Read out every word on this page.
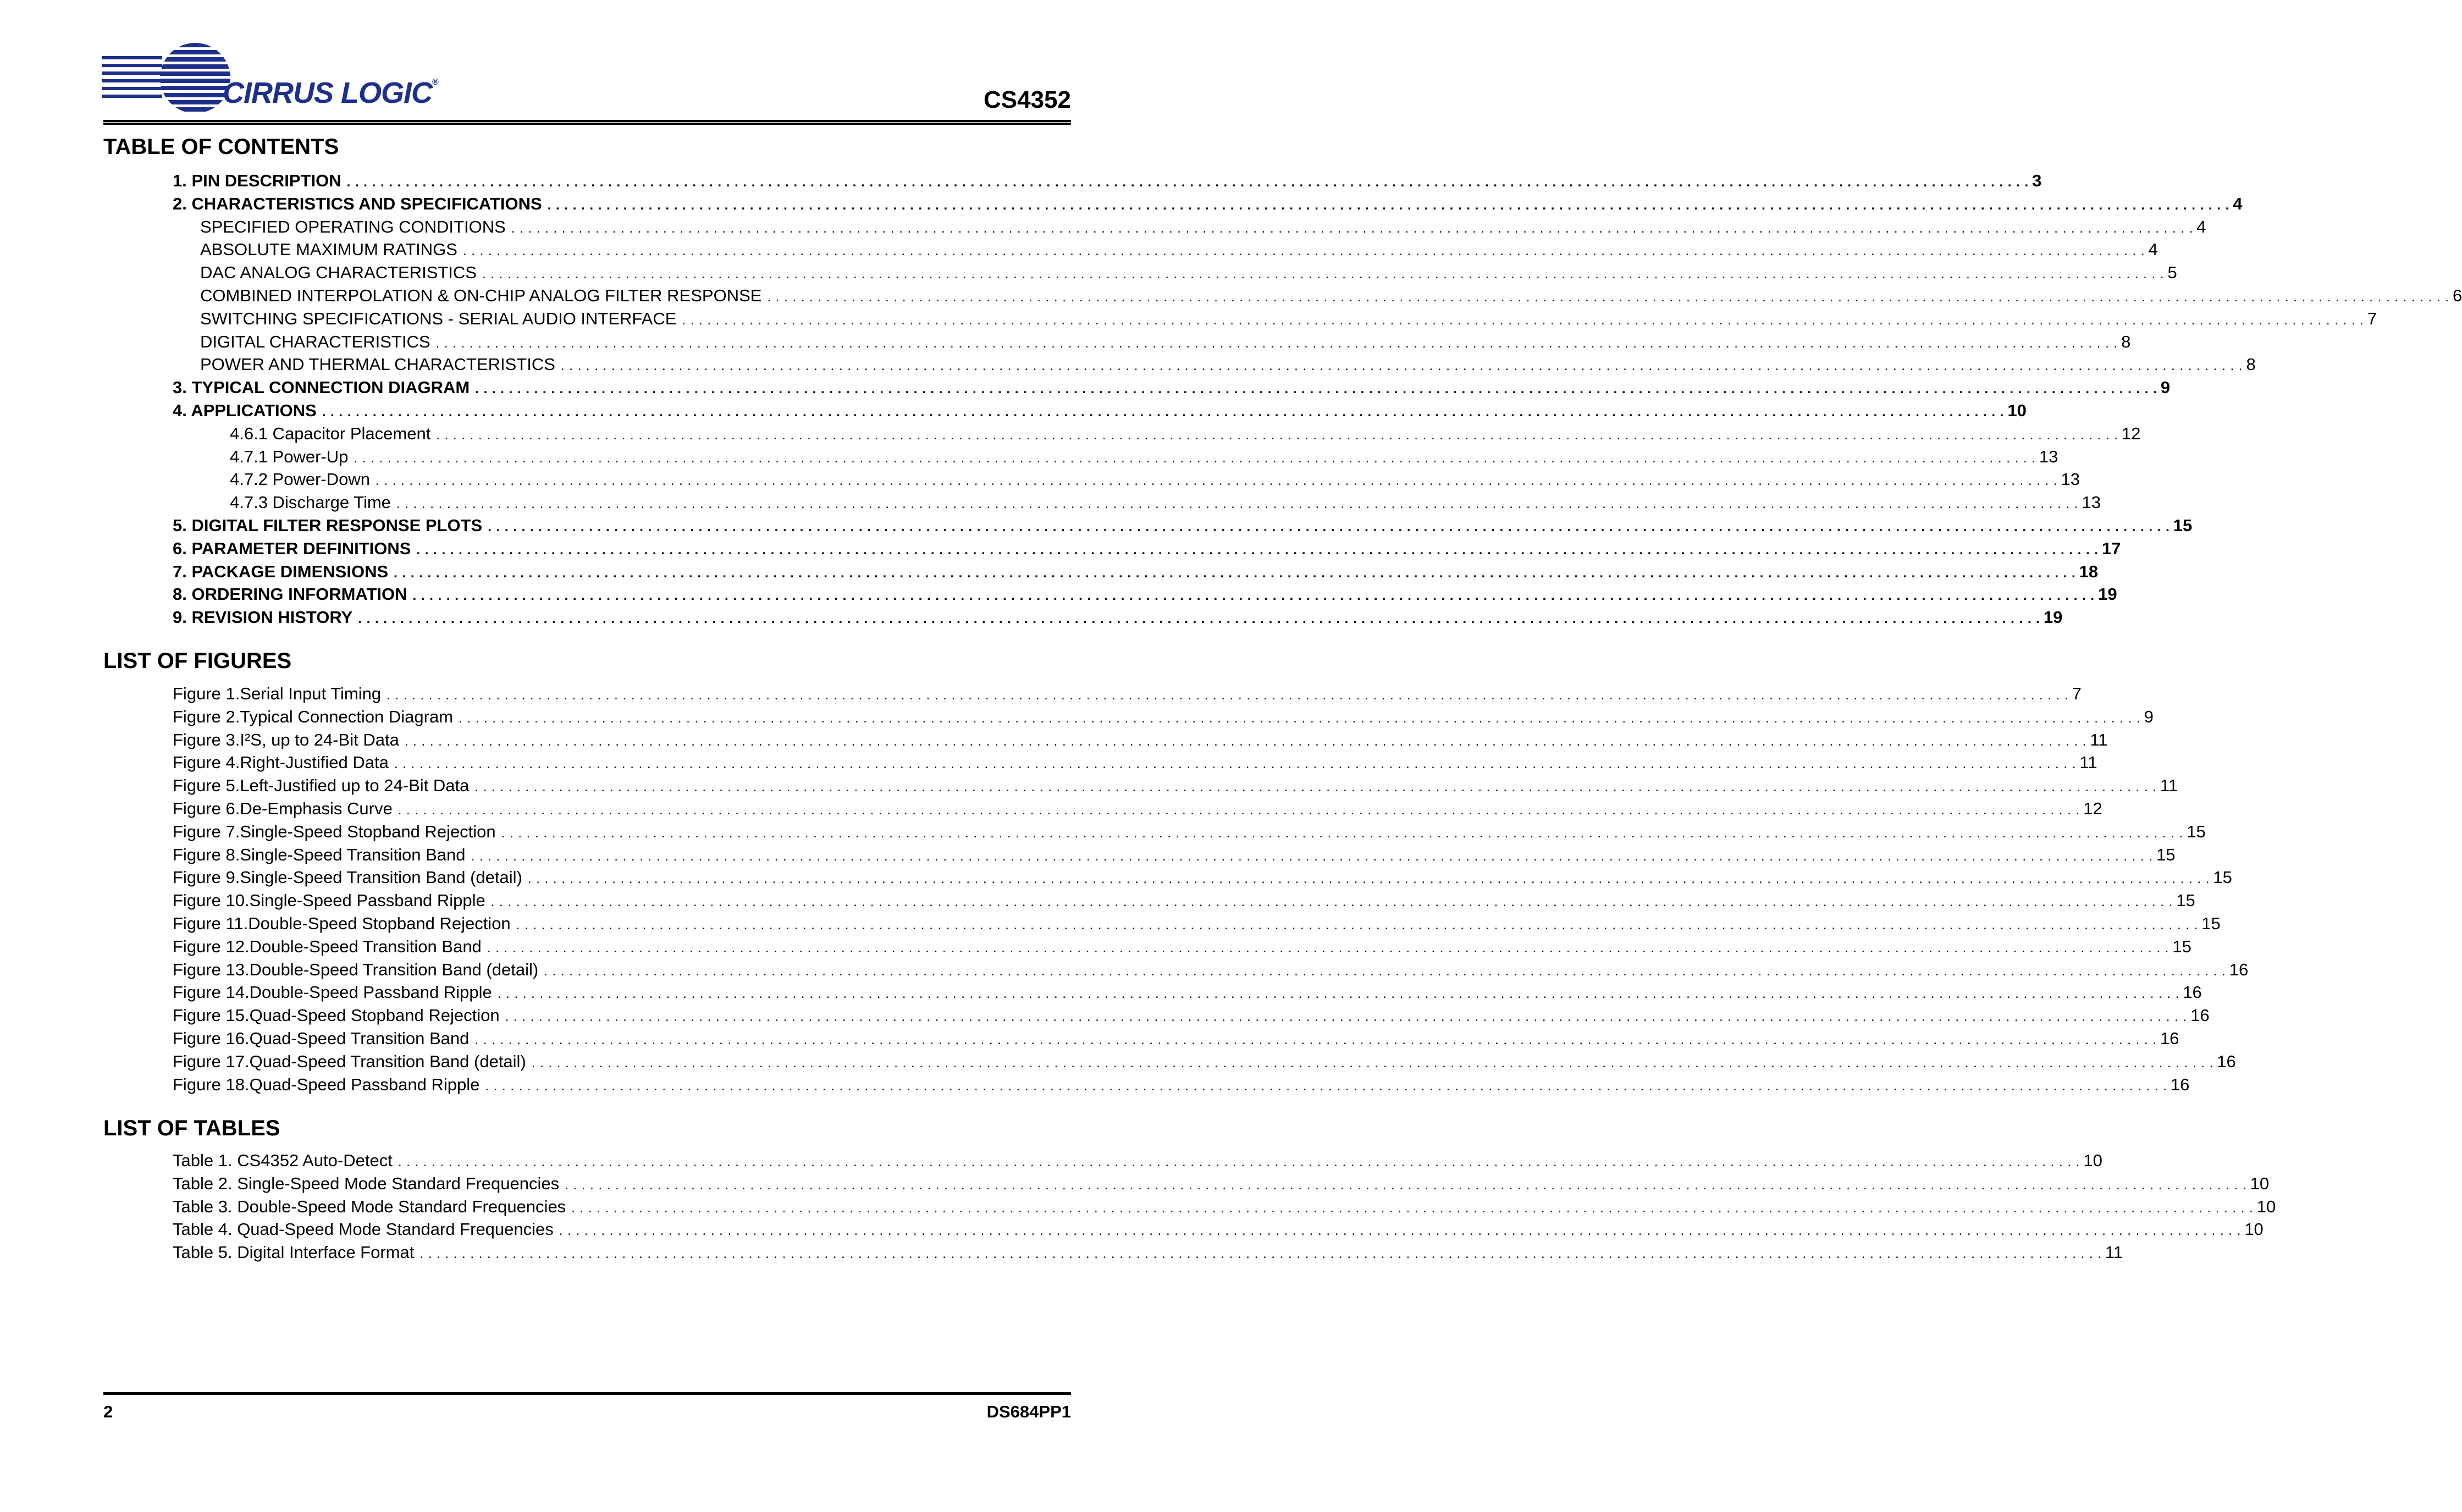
CIRRUS LOGIC®
CS4352
TABLE OF CONTENTS
1. PIN DESCRIPTION . . . . . . . . . . . . . . . . . . . . . . . . . . . . . . . . . . . . . . . . . . . . . . . . . . . . . . . . . . . . . . . . . . . . . . . . . . . . . . . . . . . . . . . . . . . . . . . . . . . . . . . . . . . . . . . . . . . . . . . . . . . . . . . . . . . . . . . . . . . . . . . . . . . . . . . . . . . . . . . . . . . . . . . . . . . . . . . . . . . . . . . . . . . . . . . . . . . . . . . . 3
2. CHARACTERISTICS AND SPECIFICATIONS . . . . . . . . . . . . . . . . . . . . . . . . . . . . . . . . . . . . . . . . . . . . . . . . . . . . . . . . . . . . . . . . . . . . . . . . . . . . . . . . . . . . . . . . . . . . . . . . . . . . . . . . . . . . . . . . . . . . . . . . . . . . . . . . . . . . . . . . . . . . . . . . . . . . . . . . . . . . . . . . . . . . . . . . . . . . . . . . . . . . . . . . . . . . . . . . . . . . . . . . 4
SPECIFIED OPERATING CONDITIONS . . . . . . . . . . . . . . . . . . . . . . . . . . . . . . . . . . . . . . . . . . . . . . . . . . . . . . . . . . . . . . . . . . . . . . . . . . . . . . . . . . . . . . . . . . . . . . . . . . . . . . . . . . . . . . . . . . . . . . . . . . . . . . . . . . . . . . . . . . . . . . . . . . . . . . . . . . . . . . . . . . . . . . . . . . . . . . . . . . . . . . . . . . . . . . . . . . . . . . . . 4
ABSOLUTE MAXIMUM RATINGS . . . . . . . . . . . . . . . . . . . . . . . . . . . . . . . . . . . . . . . . . . . . . . . . . . . . . . . . . . . . . . . . . . . . . . . . . . . . . . . . . . . . . . . . . . . . . . . . . . . . . . . . . . . . . . . . . . . . . . . . . . . . . . . . . . . . . . . . . . . . . . . . . . . . . . . . . . . . . . . . . . . . . . . . . . . . . . . . . . . . . . . . . . . . . . . . . . . . . . . . 4
DAC ANALOG CHARACTERISTICS . . . . . . . . . . . . . . . . . . . . . . . . . . . . . . . . . . . . . . . . . . . . . . . . . . . . . . . . . . . . . . . . . . . . . . . . . . . . . . . . . . . . . . . . . . . . . . . . . . . . . . . . . . . . . . . . . . . . . . . . . . . . . . . . . . . . . . . . . . . . . . . . . . . . . . . . . . . . . . . . . . . . . . . . . . . . . . . . . . . . . . . . . . . . . . . . . . . . . . . . 5
COMBINED INTERPOLATION & ON-CHIP ANALOG FILTER RESPONSE . . . . . . . . . . . . . . . . . . . . . . . . . . . . . . . . . . . . . . . . . . . . . . . . . . . . . . . . . . . . . . . . . . . . . . . . . . . . . . . . . . . . . . . . . . . . . . . . . . . . . . . . . . . . . . . . . . . . . . . . . . . . . . . . . . . . . . . . . . . . . . . . . . . . . . . . . . . . . . . . . . . . . . . . . . . . . . . . . . . . . . . . . . . . . . . . . . . . . . . . 6
SWITCHING SPECIFICATIONS - SERIAL AUDIO INTERFACE . . . . . . . . . . . . . . . . . . . . . . . . . . . . . . . . . . . . . . . . . . . . . . . . . . . . . . . . . . . . . . . . . . . . . . . . . . . . . . . . . . . . . . . . . . . . . . . . . . . . . . . . . . . . . . . . . . . . . . . . . . . . . . . . . . . . . . . . . . . . . . . . . . . . . . . . . . . . . . . . . . . . . . . . . . . . . . . . . . . . . . . . . . . . . . . . . . . . . . . . 7
DIGITAL CHARACTERISTICS . . . . . . . . . . . . . . . . . . . . . . . . . . . . . . . . . . . . . . . . . . . . . . . . . . . . . . . . . . . . . . . . . . . . . . . . . . . . . . . . . . . . . . . . . . . . . . . . . . . . . . . . . . . . . . . . . . . . . . . . . . . . . . . . . . . . . . . . . . . . . . . . . . . . . . . . . . . . . . . . . . . . . . . . . . . . . . . . . . . . . . . . . . . . . . . . . . . . . . . . 8
POWER AND THERMAL CHARACTERISTICS . . . . . . . . . . . . . . . . . . . . . . . . . . . . . . . . . . . . . . . . . . . . . . . . . . . . . . . . . . . . . . . . . . . . . . . . . . . . . . . . . . . . . . . . . . . . . . . . . . . . . . . . . . . . . . . . . . . . . . . . . . . . . . . . . . . . . . . . . . . . . . . . . . . . . . . . . . . . . . . . . . . . . . . . . . . . . . . . . . . . . . . . . . . . . . . . . . . . . . . . 8
3. TYPICAL CONNECTION DIAGRAM . . . . . . . . . . . . . . . . . . . . . . . . . . . . . . . . . . . . . . . . . . . . . . . . . . . . . . . . . . . . . . . . . . . . . . . . . . . . . . . . . . . . . . . . . . . . . . . . . . . . . . . . . . . . . . . . . . . . . . . . . . . . . . . . . . . . . . . . . . . . . . . . . . . . . . . . . . . . . . . . . . . . . . . . . . . . . . . . . . . . . . . . . . . . . . . . . . . . . . . . 9
4. APPLICATIONS . . . . . . . . . . . . . . . . . . . . . . . . . . . . . . . . . . . . . . . . . . . . . . . . . . . . . . . . . . . . . . . . . . . . . . . . . . . . . . . . . . . . . . . . . . . . . . . . . . . . . . . . . . . . . . . . . . . . . . . . . . . . . . . . . . . . . . . . . . . . . . . . . . . . . . . . . . . . . . . . . . . . . . . . . . . . . . . . . . . . . . . . . . . . . . . . . . . . . . . . 10
4.6.1 Capacitor Placement . . . . . . . . . . . . . . . . . . . . . . . . . . . . . . . . . . . . . . . . . . . . . . . . . . . . . . . . . . . . . . . . . . . . . . . . . . . . . . . . . . . . . . . . . . . . . . . . . . . . . . . . . . . . . . . . . . . . . . . . . . . . . . . . . . . . . . . . . . . . . . . . . . . . . . . . . . . . . . . . . . . . . . . . . . . . . . . . . . . . . . . . . . . . . . . . . . . . . . . . 12
4.7.1 Power-Up . . . . . . . . . . . . . . . . . . . . . . . . . . . . . . . . . . . . . . . . . . . . . . . . . . . . . . . . . . . . . . . . . . . . . . . . . . . . . . . . . . . . . . . . . . . . . . . . . . . . . . . . . . . . . . . . . . . . . . . . . . . . . . . . . . . . . . . . . . . . . . . . . . . . . . . . . . . . . . . . . . . . . . . . . . . . . . . . . . . . . . . . . . . . . . . . . . . . . . . . 13
4.7.2 Power-Down . . . . . . . . . . . . . . . . . . . . . . . . . . . . . . . . . . . . . . . . . . . . . . . . . . . . . . . . . . . . . . . . . . . . . . . . . . . . . . . . . . . . . . . . . . . . . . . . . . . . . . . . . . . . . . . . . . . . . . . . . . . . . . . . . . . . . . . . . . . . . . . . . . . . . . . . . . . . . . . . . . . . . . . . . . . . . . . . . . . . . . . . . . . . . . . . . . . . . . . . 13
4.7.3 Discharge Time . . . . . . . . . . . . . . . . . . . . . . . . . . . . . . . . . . . . . . . . . . . . . . . . . . . . . . . . . . . . . . . . . . . . . . . . . . . . . . . . . . . . . . . . . . . . . . . . . . . . . . . . . . . . . . . . . . . . . . . . . . . . . . . . . . . . . . . . . . . . . . . . . . . . . . . . . . . . . . . . . . . . . . . . . . . . . . . . . . . . . . . . . . . . . . . . . . . . . . . . 13
5. DIGITAL FILTER RESPONSE PLOTS . . . . . . . . . . . . . . . . . . . . . . . . . . . . . . . . . . . . . . . . . . . . . . . . . . . . . . . . . . . . . . . . . . . . . . . . . . . . . . . . . . . . . . . . . . . . . . . . . . . . . . . . . . . . . . . . . . . . . . . . . . . . . . . . . . . . . . . . . . . . . . . . . . . . . . . . . . . . . . . . . . . . . . . . . . . . . . . . . . . . . . . . . . . . . . . . . . . . . . . . 15
6. PARAMETER DEFINITIONS . . . . . . . . . . . . . . . . . . . . . . . . . . . . . . . . . . . . . . . . . . . . . . . . . . . . . . . . . . . . . . . . . . . . . . . . . . . . . . . . . . . . . . . . . . . . . . . . . . . . . . . . . . . . . . . . . . . . . . . . . . . . . . . . . . . . . . . . . . . . . . . . . . . . . . . . . . . . . . . . . . . . . . . . . . . . . . . . . . . . . . . . . . . . . . . . . . . . . . . . 17
7. PACKAGE DIMENSIONS . . . . . . . . . . . . . . . . . . . . . . . . . . . . . . . . . . . . . . . . . . . . . . . . . . . . . . . . . . . . . . . . . . . . . . . . . . . . . . . . . . . . . . . . . . . . . . . . . . . . . . . . . . . . . . . . . . . . . . . . . . . . . . . . . . . . . . . . . . . . . . . . . . . . . . . . . . . . . . . . . . . . . . . . . . . . . . . . . . . . . . . . . . . . . . . . . . . . . . . . 18
8. ORDERING INFORMATION . . . . . . . . . . . . . . . . . . . . . . . . . . . . . . . . . . . . . . . . . . . . . . . . . . . . . . . . . . . . . . . . . . . . . . . . . . . . . . . . . . . . . . . . . . . . . . . . . . . . . . . . . . . . . . . . . . . . . . . . . . . . . . . . . . . . . . . . . . . . . . . . . . . . . . . . . . . . . . . . . . . . . . . . . . . . . . . . . . . . . . . . . . . . . . . . . . . . . . . . 19
9. REVISION HISTORY . . . . . . . . . . . . . . . . . . . . . . . . . . . . . . . . . . . . . . . . . . . . . . . . . . . . . . . . . . . . . . . . . . . . . . . . . . . . . . . . . . . . . . . . . . . . . . . . . . . . . . . . . . . . . . . . . . . . . . . . . . . . . . . . . . . . . . . . . . . . . . . . . . . . . . . . . . . . . . . . . . . . . . . . . . . . . . . . . . . . . . . . . . . . . . . . . . . . . . . . 19
LIST OF FIGURES
Figure 1.Serial Input Timing . . . . . . . . . . . . . . . . . . . . . . . . . . . . . . . . . . . . . . . . . . . . . . . . . . . . . . . . . . . . . . . . . . . . . . . . . . . . . . . . . . . . . . . . . . . . . . . . . . . . . . . . . . . . . . . . . . . . . . . . . . . . . . . . . . . . . . . . . . . . . . . . . . . . . . . . . . . . . . . . . . . . . . . . . . . . . . . . . . . . . . . . . . . . . . . . . . . . . . . . 7
Figure 2.Typical Connection Diagram . . . . . . . . . . . . . . . . . . . . . . . . . . . . . . . . . . . . . . . . . . . . . . . . . . . . . . . . . . . . . . . . . . . . . . . . . . . . . . . . . . . . . . . . . . . . . . . . . . . . . . . . . . . . . . . . . . . . . . . . . . . . . . . . . . . . . . . . . . . . . . . . . . . . . . . . . . . . . . . . . . . . . . . . . . . . . . . . . . . . . . . . . . . . . . . . . . . . . . . . 9
Figure 3.I²S, up to 24-Bit Data . . . . . . . . . . . . . . . . . . . . . . . . . . . . . . . . . . . . . . . . . . . . . . . . . . . . . . . . . . . . . . . . . . . . . . . . . . . . . . . . . . . . . . . . . . . . . . . . . . . . . . . . . . . . . . . . . . . . . . . . . . . . . . . . . . . . . . . . . . . . . . . . . . . . . . . . . . . . . . . . . . . . . . . . . . . . . . . . . . . . . . . . . . . . . . . . . . . . . . . . 11
Figure 4.Right-Justified Data . . . . . . . . . . . . . . . . . . . . . . . . . . . . . . . . . . . . . . . . . . . . . . . . . . . . . . . . . . . . . . . . . . . . . . . . . . . . . . . . . . . . . . . . . . . . . . . . . . . . . . . . . . . . . . . . . . . . . . . . . . . . . . . . . . . . . . . . . . . . . . . . . . . . . . . . . . . . . . . . . . . . . . . . . . . . . . . . . . . . . . . . . . . . . . . . . . . . . . . . 11
Figure 5.Left-Justified up to 24-Bit Data . . . . . . . . . . . . . . . . . . . . . . . . . . . . . . . . . . . . . . . . . . . . . . . . . . . . . . . . . . . . . . . . . . . . . . . . . . . . . . . . . . . . . . . . . . . . . . . . . . . . . . . . . . . . . . . . . . . . . . . . . . . . . . . . . . . . . . . . . . . . . . . . . . . . . . . . . . . . . . . . . . . . . . . . . . . . . . . . . . . . . . . . . . . . . . . . . . . . . . . . 11
Figure 6.De-Emphasis Curve . . . . . . . . . . . . . . . . . . . . . . . . . . . . . . . . . . . . . . . . . . . . . . . . . . . . . . . . . . . . . . . . . . . . . . . . . . . . . . . . . . . . . . . . . . . . . . . . . . . . . . . . . . . . . . . . . . . . . . . . . . . . . . . . . . . . . . . . . . . . . . . . . . . . . . . . . . . . . . . . . . . . . . . . . . . . . . . . . . . . . . . . . . . . . . . . . . . . . . . . 12
Figure 7.Single-Speed Stopband Rejection . . . . . . . . . . . . . . . . . . . . . . . . . . . . . . . . . . . . . . . . . . . . . . . . . . . . . . . . . . . . . . . . . . . . . . . . . . . . . . . . . . . . . . . . . . . . . . . . . . . . . . . . . . . . . . . . . . . . . . . . . . . . . . . . . . . . . . . . . . . . . . . . . . . . . . . . . . . . . . . . . . . . . . . . . . . . . . . . . . . . . . . . . . . . . . . . . . . . . . . . 15
Figure 8.Single-Speed Transition Band . . . . . . . . . . . . . . . . . . . . . . . . . . . . . . . . . . . . . . . . . . . . . . . . . . . . . . . . . . . . . . . . . . . . . . . . . . . . . . . . . . . . . . . . . . . . . . . . . . . . . . . . . . . . . . . . . . . . . . . . . . . . . . . . . . . . . . . . . . . . . . . . . . . . . . . . . . . . . . . . . . . . . . . . . . . . . . . . . . . . . . . . . . . . . . . . . . . . . . . . 15
Figure 9.Single-Speed Transition Band (detail) . . . . . . . . . . . . . . . . . . . . . . . . . . . . . . . . . . . . . . . . . . . . . . . . . . . . . . . . . . . . . . . . . . . . . . . . . . . . . . . . . . . . . . . . . . . . . . . . . . . . . . . . . . . . . . . . . . . . . . . . . . . . . . . . . . . . . . . . . . . . . . . . . . . . . . . . . . . . . . . . . . . . . . . . . . . . . . . . . . . . . . . . . . . . . . . . . . . . . . . . 15
Figure 10.Single-Speed Passband Ripple . . . . . . . . . . . . . . . . . . . . . . . . . . . . . . . . . . . . . . . . . . . . . . . . . . . . . . . . . . . . . . . . . . . . . . . . . . . . . . . . . . . . . . . . . . . . . . . . . . . . . . . . . . . . . . . . . . . . . . . . . . . . . . . . . . . . . . . . . . . . . . . . . . . . . . . . . . . . . . . . . . . . . . . . . . . . . . . . . . . . . . . . . . . . . . . . . . . . . . . . 15
Figure 11.Double-Speed Stopband Rejection . . . . . . . . . . . . . . . . . . . . . . . . . . . . . . . . . . . . . . . . . . . . . . . . . . . . . . . . . . . . . . . . . . . . . . . . . . . . . . . . . . . . . . . . . . . . . . . . . . . . . . . . . . . . . . . . . . . . . . . . . . . . . . . . . . . . . . . . . . . . . . . . . . . . . . . . . . . . . . . . . . . . . . . . . . . . . . . . . . . . . . . . . . . . . . . . . . . . . . . . 15
Figure 12.Double-Speed Transition Band . . . . . . . . . . . . . . . . . . . . . . . . . . . . . . . . . . . . . . . . . . . . . . . . . . . . . . . . . . . . . . . . . . . . . . . . . . . . . . . . . . . . . . . . . . . . . . . . . . . . . . . . . . . . . . . . . . . . . . . . . . . . . . . . . . . . . . . . . . . . . . . . . . . . . . . . . . . . . . . . . . . . . . . . . . . . . . . . . . . . . . . . . . . . . . . . . . . . . . . . 15
Figure 13.Double-Speed Transition Band (detail) . . . . . . . . . . . . . . . . . . . . . . . . . . . . . . . . . . . . . . . . . . . . . . . . . . . . . . . . . . . . . . . . . . . . . . . . . . . . . . . . . . . . . . . . . . . . . . . . . . . . . . . . . . . . . . . . . . . . . . . . . . . . . . . . . . . . . . . . . . . . . . . . . . . . . . . . . . . . . . . . . . . . . . . . . . . . . . . . . . . . . . . . . . . . . . . . . . . . . . . . 16
Figure 14.Double-Speed Passband Ripple . . . . . . . . . . . . . . . . . . . . . . . . . . . . . . . . . . . . . . . . . . . . . . . . . . . . . . . . . . . . . . . . . . . . . . . . . . . . . . . . . . . . . . . . . . . . . . . . . . . . . . . . . . . . . . . . . . . . . . . . . . . . . . . . . . . . . . . . . . . . . . . . . . . . . . . . . . . . . . . . . . . . . . . . . . . . . . . . . . . . . . . . . . . . . . . . . . . . . . . . 16
Figure 15.Quad-Speed Stopband Rejection . . . . . . . . . . . . . . . . . . . . . . . . . . . . . . . . . . . . . . . . . . . . . . . . . . . . . . . . . . . . . . . . . . . . . . . . . . . . . . . . . . . . . . . . . . . . . . . . . . . . . . . . . . . . . . . . . . . . . . . . . . . . . . . . . . . . . . . . . . . . . . . . . . . . . . . . . . . . . . . . . . . . . . . . . . . . . . . . . . . . . . . . . . . . . . . . . . . . . . . . 16
Figure 16.Quad-Speed Transition Band . . . . . . . . . . . . . . . . . . . . . . . . . . . . . . . . . . . . . . . . . . . . . . . . . . . . . . . . . . . . . . . . . . . . . . . . . . . . . . . . . . . . . . . . . . . . . . . . . . . . . . . . . . . . . . . . . . . . . . . . . . . . . . . . . . . . . . . . . . . . . . . . . . . . . . . . . . . . . . . . . . . . . . . . . . . . . . . . . . . . . . . . . . . . . . . . . . . . . . . . 16
Figure 17.Quad-Speed Transition Band (detail) . . . . . . . . . . . . . . . . . . . . . . . . . . . . . . . . . . . . . . . . . . . . . . . . . . . . . . . . . . . . . . . . . . . . . . . . . . . . . . . . . . . . . . . . . . . . . . . . . . . . . . . . . . . . . . . . . . . . . . . . . . . . . . . . . . . . . . . . . . . . . . . . . . . . . . . . . . . . . . . . . . . . . . . . . . . . . . . . . . . . . . . . . . . . . . . . . . . . . . . . 16
Figure 18.Quad-Speed Passband Ripple . . . . . . . . . . . . . . . . . . . . . . . . . . . . . . . . . . . . . . . . . . . . . . . . . . . . . . . . . . . . . . . . . . . . . . . . . . . . . . . . . . . . . . . . . . . . . . . . . . . . . . . . . . . . . . . . . . . . . . . . . . . . . . . . . . . . . . . . . . . . . . . . . . . . . . . . . . . . . . . . . . . . . . . . . . . . . . . . . . . . . . . . . . . . . . . . . . . . . . . . 16
LIST OF TABLES
Table 1. CS4352 Auto-Detect . . . . . . . . . . . . . . . . . . . . . . . . . . . . . . . . . . . . . . . . . . . . . . . . . . . . . . . . . . . . . . . . . . . . . . . . . . . . . . . . . . . . . . . . . . . . . . . . . . . . . . . . . . . . . . . . . . . . . . . . . . . . . . . . . . . . . . . . . . . . . . . . . . . . . . . . . . . . . . . . . . . . . . . . . . . . . . . . . . . . . . . . . . . . . . . . . . . . . . . . 10
Table 2. Single-Speed Mode Standard Frequencies . . . . . . . . . . . . . . . . . . . . . . . . . . . . . . . . . . . . . . . . . . . . . . . . . . . . . . . . . . . . . . . . . . . . . . . . . . . . . . . . . . . . . . . . . . . . . . . . . . . . . . . . . . . . . . . . . . . . . . . . . . . . . . . . . . . . . . . . . . . . . . . . . . . . . . . . . . . . . . . . . . . . . . . . . . . . . . . . . . . . . . . . . . . . . . . . . . . . . . . . 10
Table 3. Double-Speed Mode Standard Frequencies . . . . . . . . . . . . . . . . . . . . . . . . . . . . . . . . . . . . . . . . . . . . . . . . . . . . . . . . . . . . . . . . . . . . . . . . . . . . . . . . . . . . . . . . . . . . . . . . . . . . . . . . . . . . . . . . . . . . . . . . . . . . . . . . . . . . . . . . . . . . . . . . . . . . . . . . . . . . . . . . . . . . . . . . . . . . . . . . . . . . . . . . . . . . . . . . . . . . . . . . 10
Table 4. Quad-Speed Mode Standard Frequencies . . . . . . . . . . . . . . . . . . . . . . . . . . . . . . . . . . . . . . . . . . . . . . . . . . . . . . . . . . . . . . . . . . . . . . . . . . . . . . . . . . . . . . . . . . . . . . . . . . . . . . . . . . . . . . . . . . . . . . . . . . . . . . . . . . . . . . . . . . . . . . . . . . . . . . . . . . . . . . . . . . . . . . . . . . . . . . . . . . . . . . . . . . . . . . . . . . . . . . . . 10
Table 5. Digital Interface Format . . . . . . . . . . . . . . . . . . . . . . . . . . . . . . . . . . . . . . . . . . . . . . . . . . . . . . . . . . . . . . . . . . . . . . . . . . . . . . . . . . . . . . . . . . . . . . . . . . . . . . . . . . . . . . . . . . . . . . . . . . . . . . . . . . . . . . . . . . . . . . . . . . . . . . . . . . . . . . . . . . . . . . . . . . . . . . . . . . . . . . . . . . . . . . . . . . . . . . . . 11
2	DS684PP1
